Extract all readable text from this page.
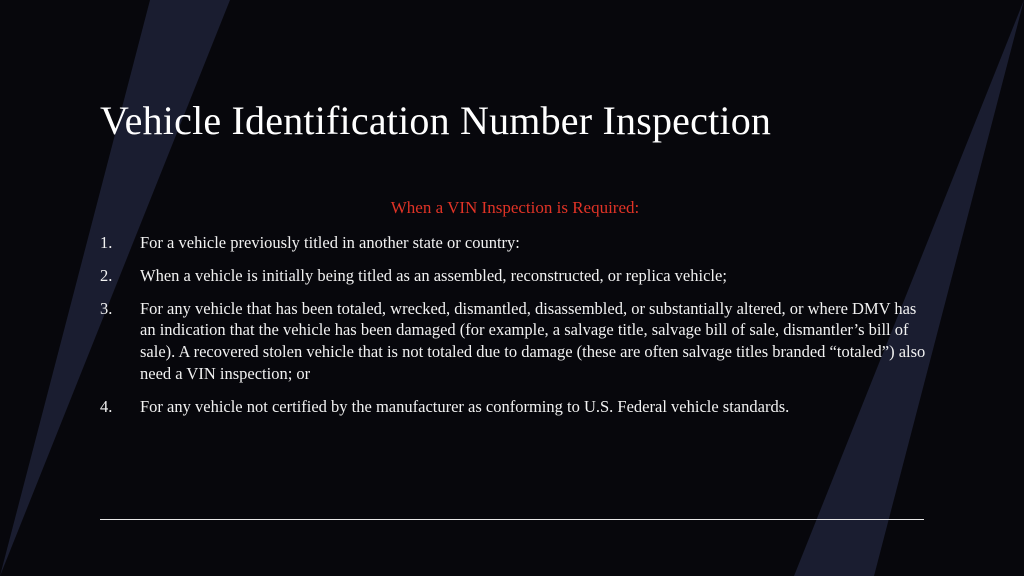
Vehicle Identification Number Inspection
When a VIN Inspection is Required:
1.	For a vehicle previously titled in another state or country:
2.	When a vehicle is initially being titled as an assembled, reconstructed, or replica vehicle;
3.	For any vehicle that has been totaled, wrecked, dismantled, disassembled, or substantially altered, or where DMV has an indication that the vehicle has been damaged (for example, a salvage title, salvage bill of sale, dismantler’s bill of sale). A recovered stolen vehicle that is not totaled due to damage (these are often salvage titles branded “totaled”) also need a VIN inspection; or
4.	For any vehicle not certified by the manufacturer as conforming to U.S. Federal vehicle standards.
